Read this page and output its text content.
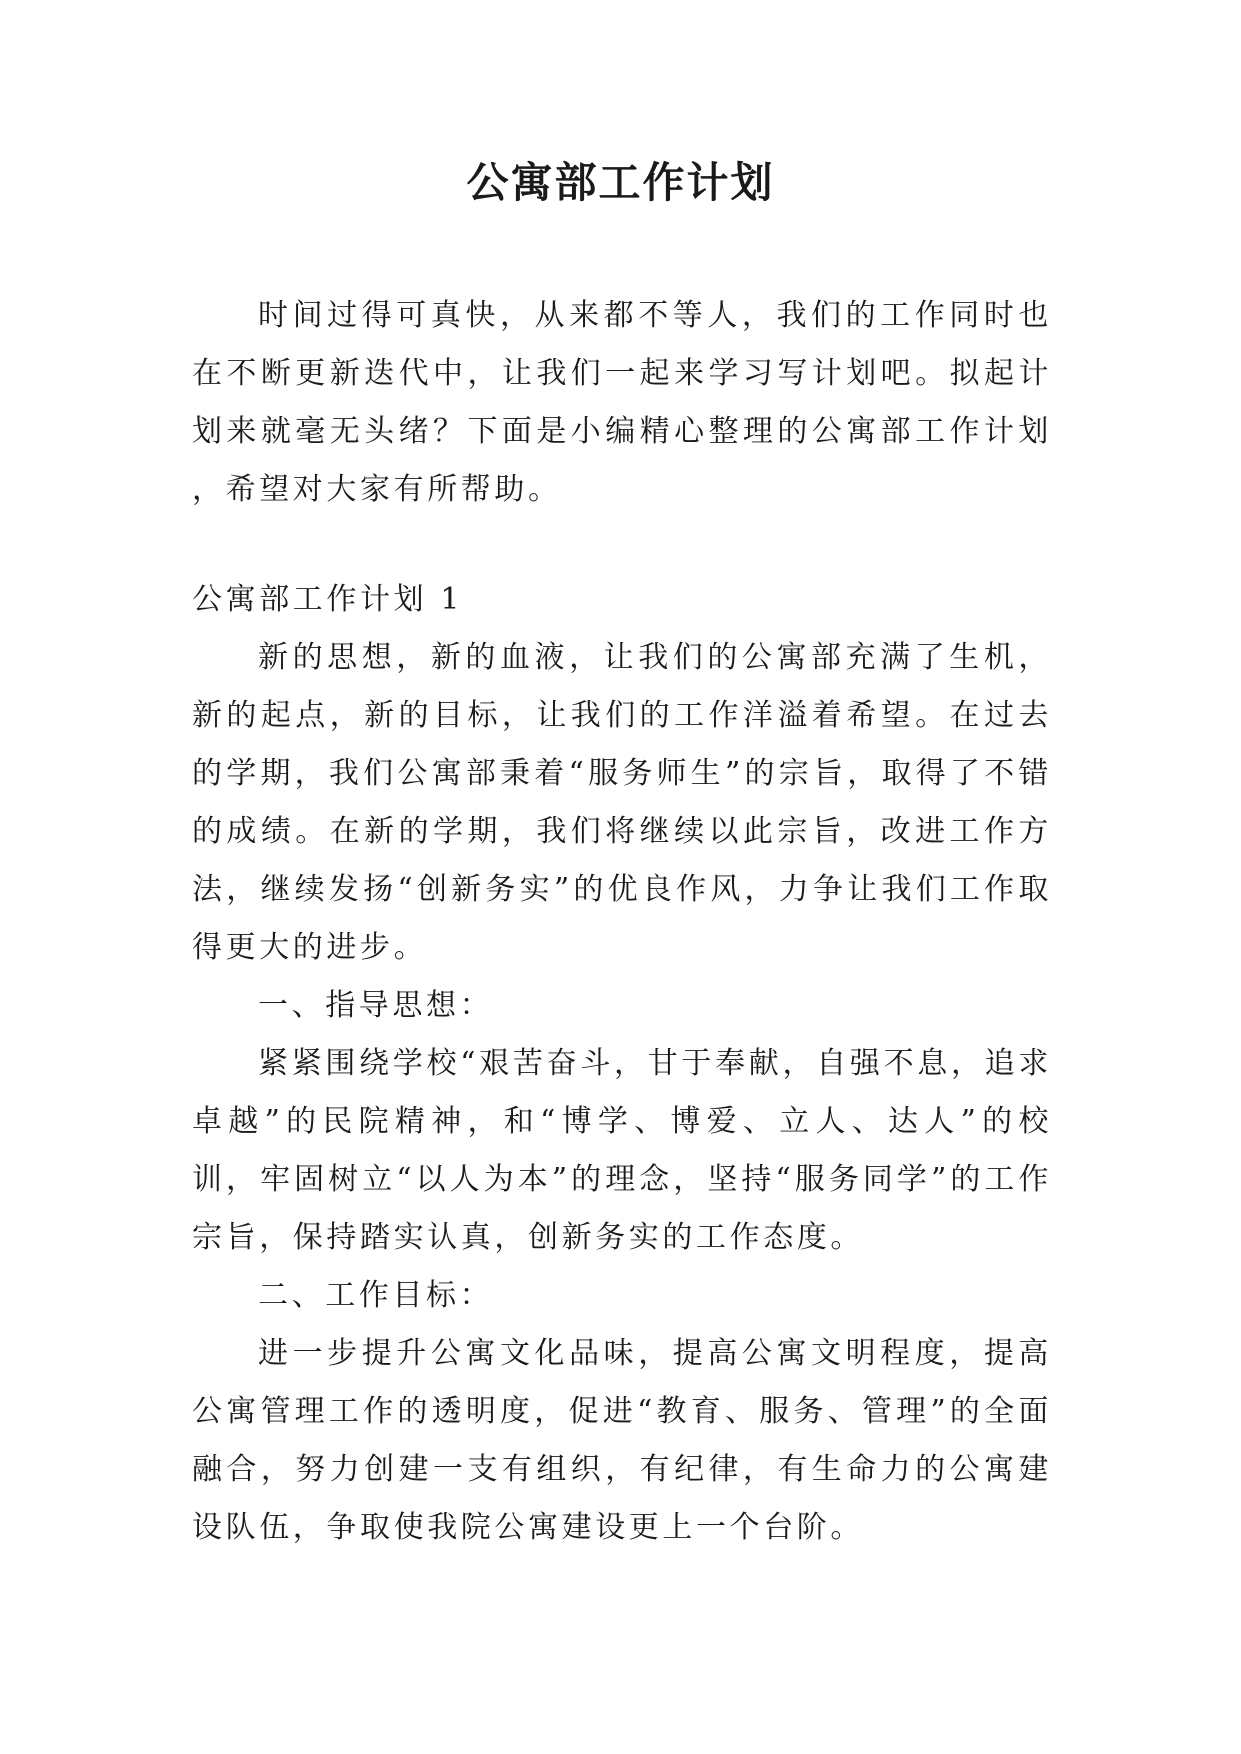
公寓部工作计划

时间过得可真快，从来都不等人，我们的工作同时也在不断更新迭代中，让我们一起来学习写计划吧。拟起计划来就毫无头绪？下面是小编精心整理的公寓部工作计划 ，希望对大家有所帮助。

公寓部工作计划 1

新的思想，新的血液，让我们的公寓部充满了生机，新的起点，新的目标，让我们的工作洋溢着希望。在过去的学期，我们公寓部秉着“服务师生”的宗旨，取得了不错的成绩。在新的学期，我们将继续以此宗旨，改进工作方法，继续发扬“创新务实”的优良作风，力争让我们工作取得更大的进步。

一、指导思想：

紧紧围绕学校“艰苦奋斗，甘于奉献，自强不息，追求卓越”的民院精神，和“博学、博爱、立人、达人”的校训，牢固树立“以人为本”的理念，坚持“服务同学”的工作宗旨，保持踏实认真，创新务实的工作态度。

二、工作目标：

进一步提升公寓文化品味，提高公寓文明程度，提高公寓管理工作的透明度，促进“教育、服务、管理”的全面融合，努力创建一支有组织，有纪律，有生命力的公寓建设队伍，争取使我院公寓建设更上一个台阶。
